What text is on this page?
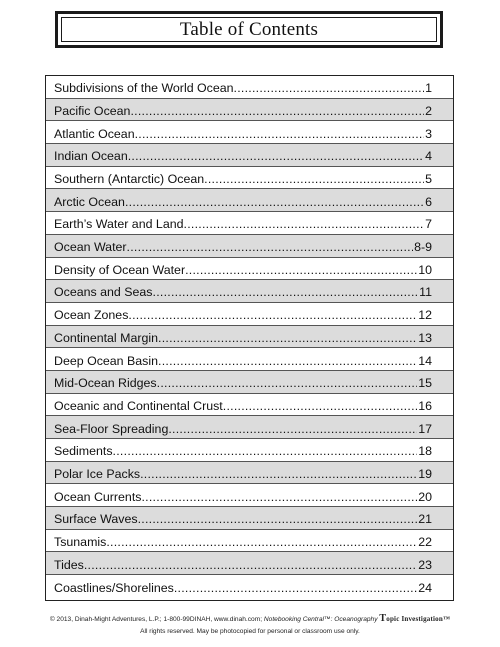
Table of Contents
Subdivisions of the World Ocean .....	1
Pacific Ocean .....	2
Atlantic Ocean .....	3
Indian Ocean .....	4
Southern (Antarctic) Ocean .....	5
Arctic Ocean .....	6
Earth’s Water and Land .....	7
Ocean Water .....	8-9
Density of Ocean Water .....	10
Oceans and Seas .....	11
Ocean Zones .....	12
Continental Margin .....	13
Deep Ocean Basin .....	14
Mid-Ocean Ridges .....	15
Oceanic and Continental Crust .....	16
Sea-Floor Spreading .....	17
Sediments .....	18
Polar Ice Packs .....	19
Ocean Currents .....	20
Surface Waves .....	21
Tsunamis .....	22
Tides .....	23
Coastlines/Shorelines .....	24
© 2013, Dinah-Might Adventures, L.P.; 1-800-99DINAH, www.dinah.com; Notebooking Central™: Oceanography Topic Investigation™
All rights reserved. May be photocopied for personal or classroom use only.
